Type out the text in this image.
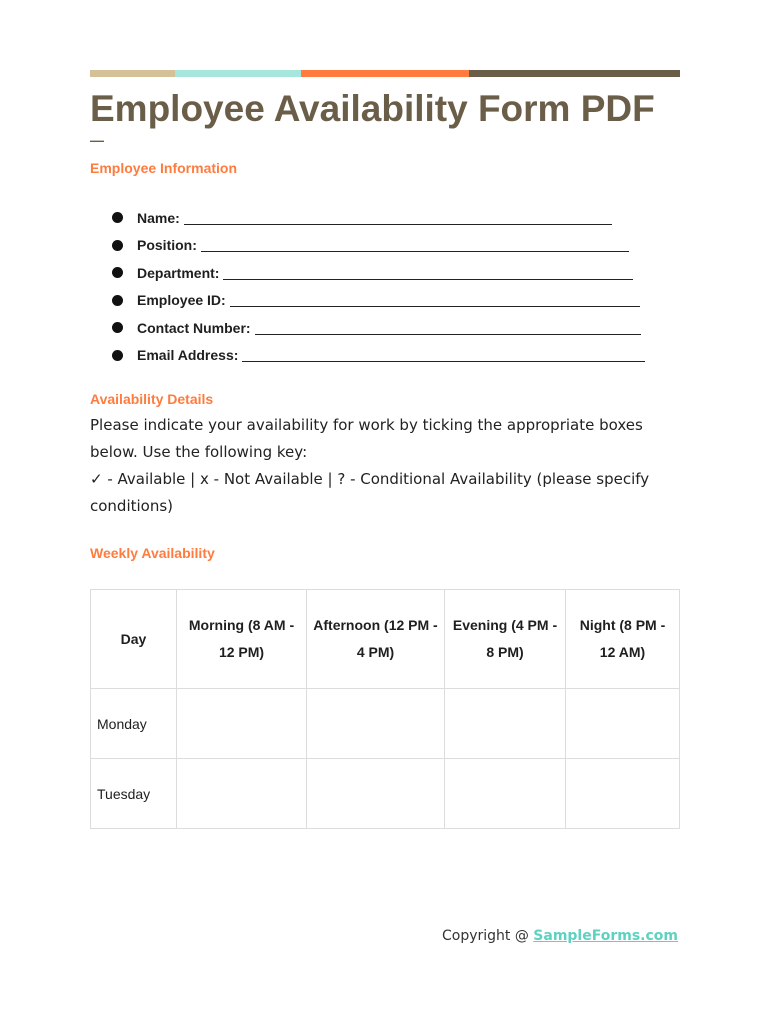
Employee Availability Form PDF
—
Employee Information
Name:
Position:
Department:
Employee ID:
Contact Number:
Email Address:
Availability Details

Please indicate your availability for work by ticking the appropriate boxes below. Use the following key:

✓ - Available | x - Not Available | ? - Conditional Availability (please specify conditions)

Weekly Availability
Day	Morning (8 AM - 12 PM)	Afternoon (12 PM - 4 PM)	Evening (4 PM - 8 PM)	Night (8 PM - 12 AM)
Monday				
Tuesday				
Copyright @ SampleForms.com
